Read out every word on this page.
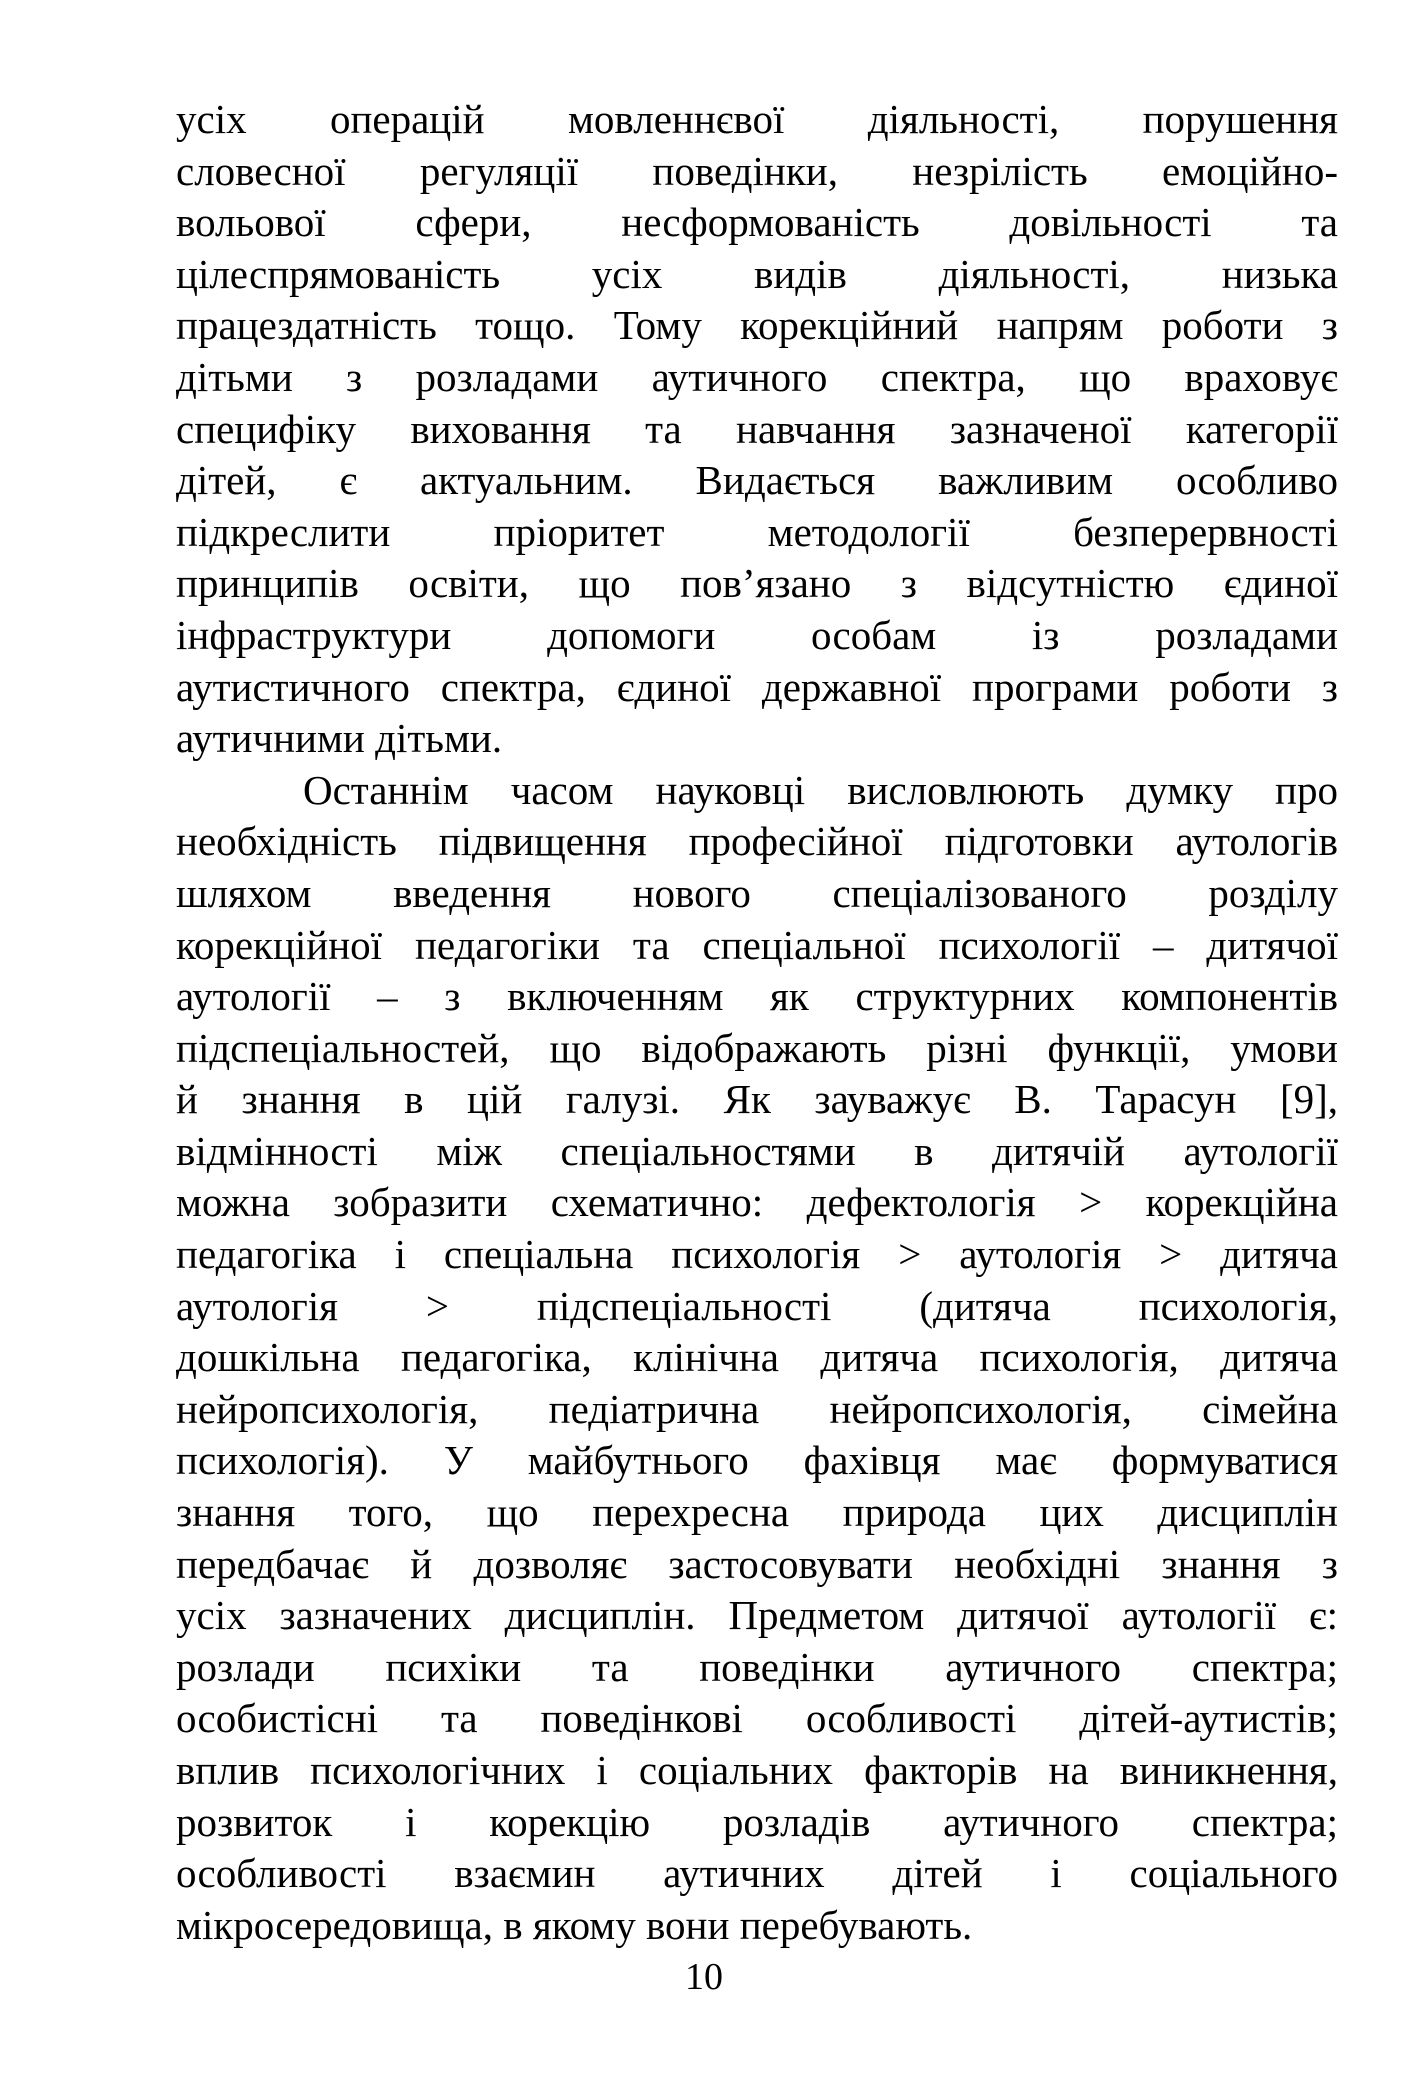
усіх операцій мовленнєвої діяльності, порушення
словесної регуляції поведінки, незрілість емоційно-
вольової сфери, несформованість довільності та
цілеспрямованість усіх видів діяльності, низька
працездатність тощо. Тому корекційний напрям роботи з
дітьми з розладами аутичного спектра, що враховує
специфіку виховання та навчання зазначеної категорії
дітей, є актуальним. Видається важливим особливо
підкреслити пріоритет методології безперервності
принципів освіти, що пов’язано з відсутністю єдиної
інфраструктури допомоги особам із розладами
аутистичного спектра, єдиної державної програми роботи з
аутичними дітьми.
Останнім часом науковці висловлюють думку про
необхідність підвищення професійної підготовки аутологів
шляхом введення нового спеціалізованого розділу
корекційної педагогіки та спеціальної психології – дитячої
аутології – з включенням як структурних компонентів
підспеціальностей, що відображають різні функції, умови
й знання в цій галузі. Як зауважує В. Тарасун [9],
відмінності між спеціальностями в дитячій аутології
можна зобразити схематично: дефектологія > корекційна
педагогіка і спеціальна психологія > аутологія > дитяча
аутологія > підспеціальності (дитяча психологія,
дошкільна педагогіка, клінічна дитяча психологія, дитяча
нейропсихологія, педіатрична нейропсихологія, сімейна
психологія). У майбутнього фахівця має формуватися
знання того, що перехресна природа цих дисциплін
передбачає й дозволяє застосовувати необхідні знання з
усіх зазначених дисциплін. Предметом дитячої аутології є:
розлади психіки та поведінки аутичного спектра;
особистісні та поведінкові особливості дітей-аутистів;
вплив психологічних і соціальних факторів на виникнення,
розвиток і корекцію розладів аутичного спектра;
особливості взаємин аутичних дітей і соціального
мікросередовища, в якому вони перебувають.
10
